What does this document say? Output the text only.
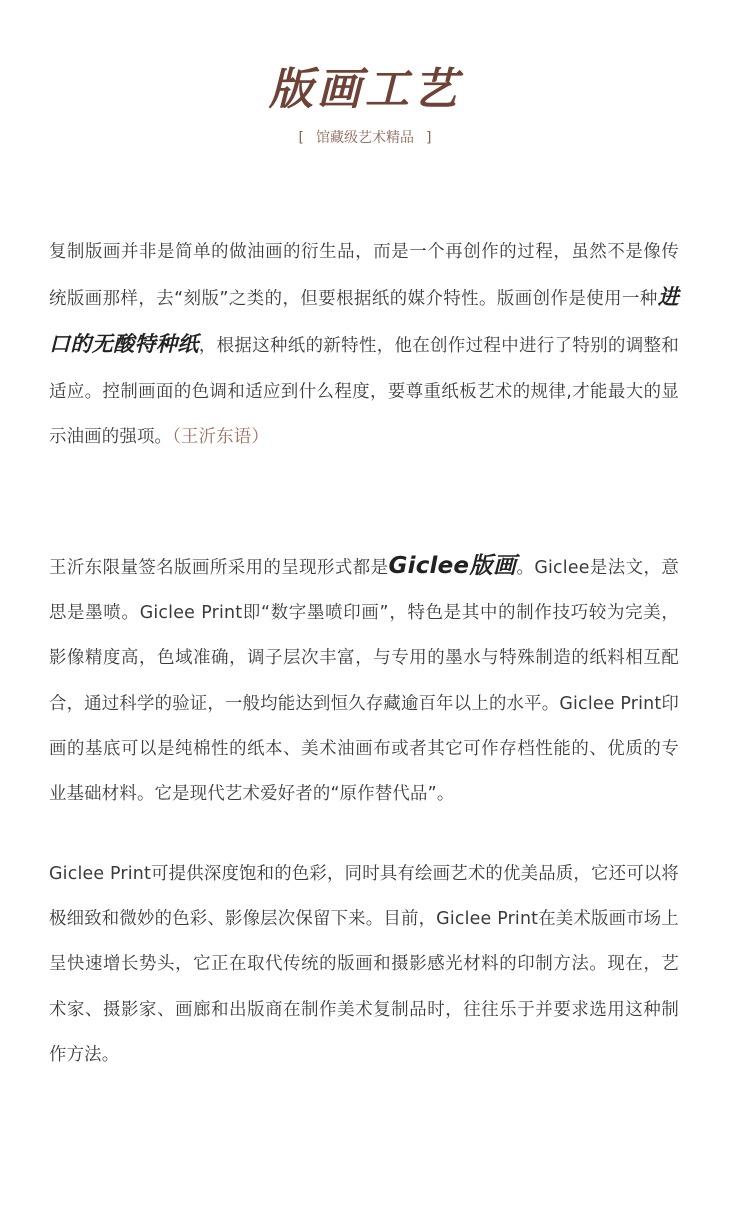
版画工艺
[ 馆藏级艺术精品 ]

复制版画并非是简单的做油画的衍生品，而是一个再创作的过程，虽然不是像传统版画那样，去“刻版”之类的，但要根据纸的媒介特性。版画创作是使用一种进口的无酸特种纸，根据这种纸的新特性，他在创作过程中进行了特别的调整和适应。控制画面的色调和适应到什么程度，要尊重纸板艺术的规律,才能最大的显示油画的强项。（王沂东语）

王沂东限量签名版画所采用的呈现形式都是Giclee版画。Giclee是法文，意思是墨喷。Giclee Print即“数字墨喷印画”，特色是其中的制作技巧较为完美，影像精度高，色域准确，调子层次丰富，与专用的墨水与特殊制造的纸料相互配合，通过科学的验证，一般均能达到恒久存藏逾百年以上的水平。Giclee Print印画的基底可以是纯棉性的纸本、美术油画布或者其它可作存档性能的、优质的专业基础材料。它是现代艺术爱好者的“原作替代品”。

Giclee Print可提供深度饱和的色彩，同时具有绘画艺术的优美品质，它还可以将极细致和微妙的色彩、影像层次保留下来。目前，Giclee Print在美术版画市场上呈快速增长势头，它正在取代传统的版画和摄影感光材料的印制方法。现在，艺术家、摄影家、画廊和出版商在制作美术复制品时，往往乐于并要求选用这种制作方法。
